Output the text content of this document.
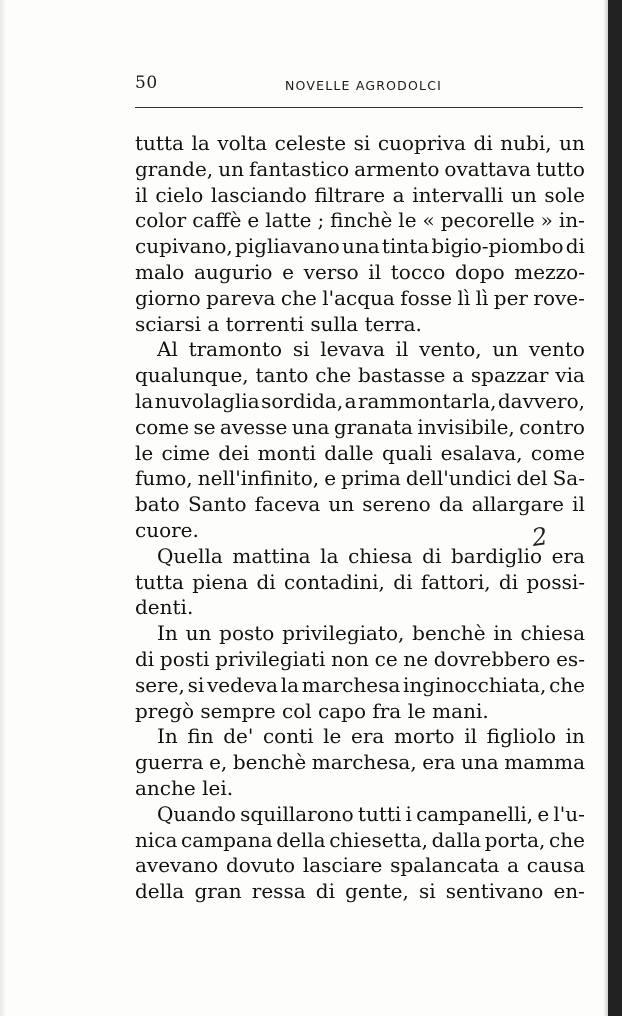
50	NOVELLE AGRODOLCI
tutta la volta celeste si cuopriva di nubi, un
grande, un fantastico armento ovattava tutto
il cielo lasciando filtrare a intervalli un sole
color caffè e latte ; finchè le « pecorelle » in-
cupivano, pigliavano una tinta bigio-piombo di
malo augurio e verso il tocco dopo mezzo-
giorno pareva che l'acqua fosse lì lì per rove-
sciarsi a torrenti sulla terra.
Al tramonto si levava il vento, un vento
qualunque, tanto che bastasse a spazzar via
la nuvolaglia sordida, a rammontarla, davvero,
come se avesse una granata invisibile, contro
le cime dei monti dalle quali esalava, come
fumo, nell'infinito, e prima dell'undici del Sa-
bato Santo faceva un sereno da allargare il
cuore.
Quella mattina la chiesa di bardiglio era
tutta piena di contadini, di fattori, di possi-
denti.
In un posto privilegiato, benchè in chiesa
di posti privilegiati non ce ne dovrebbero es-
sere, si vedeva la marchesa inginocchiata, che
pregò sempre col capo fra le mani.
In fin de' conti le era morto il figliolo in
guerra e, benchè marchesa, era una mamma
anche lei.
Quando squillarono tutti i campanelli, e l'u-
nica campana della chiesetta, dalla porta, che
avevano dovuto lasciare spalancata a causa
della gran ressa di gente, si sentivano en-
2
